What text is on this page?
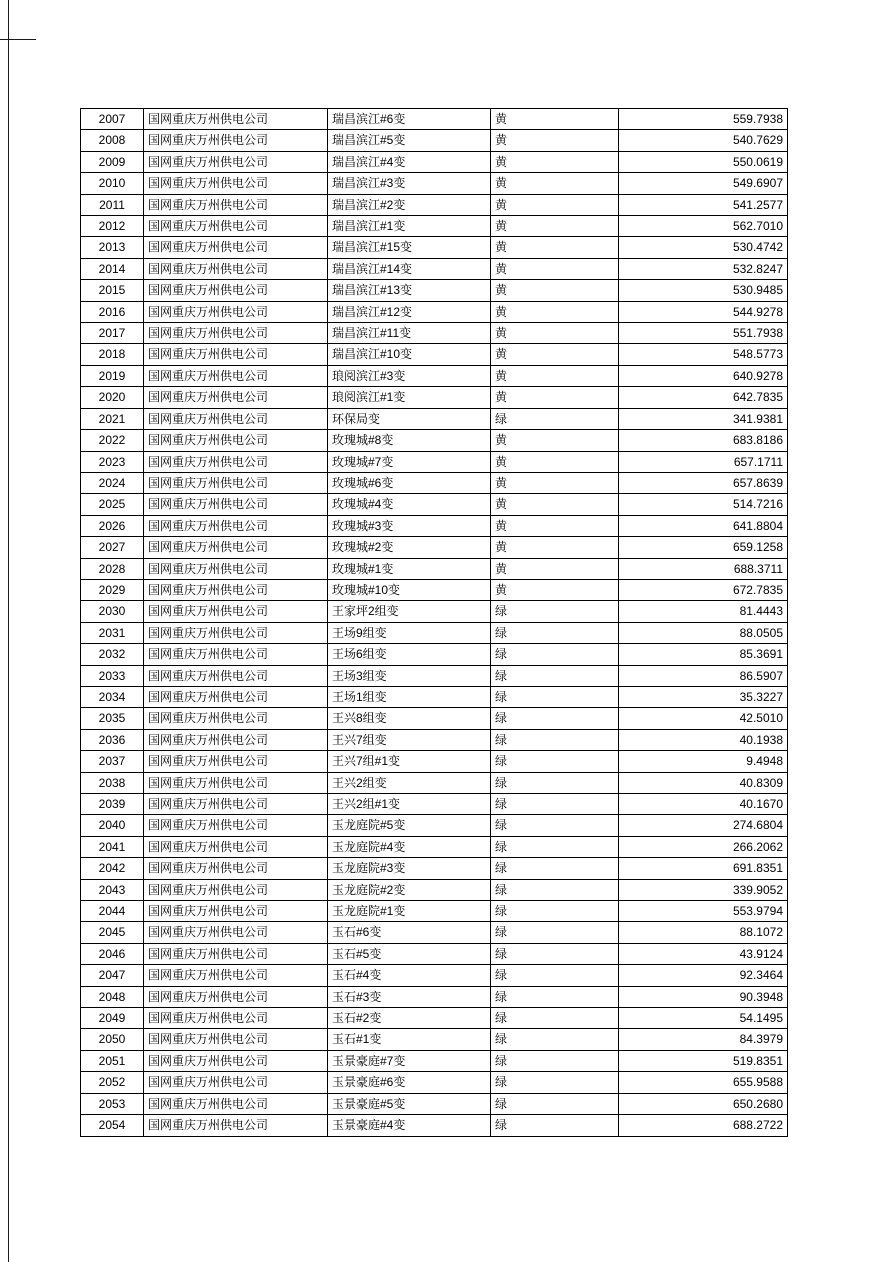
2007	国网重庆万州供电公司	瑞昌滨江#6变	黄	559.7938
2008	国网重庆万州供电公司	瑞昌滨江#5变	黄	540.7629
2009	国网重庆万州供电公司	瑞昌滨江#4变	黄	550.0619
2010	国网重庆万州供电公司	瑞昌滨江#3变	黄	549.6907
2011	国网重庆万州供电公司	瑞昌滨江#2变	黄	541.2577
2012	国网重庆万州供电公司	瑞昌滨江#1变	黄	562.7010
2013	国网重庆万州供电公司	瑞昌滨江#15变	黄	530.4742
2014	国网重庆万州供电公司	瑞昌滨江#14变	黄	532.8247
2015	国网重庆万州供电公司	瑞昌滨江#13变	黄	530.9485
2016	国网重庆万州供电公司	瑞昌滨江#12变	黄	544.9278
2017	国网重庆万州供电公司	瑞昌滨江#11变	黄	551.7938
2018	国网重庆万州供电公司	瑞昌滨江#10变	黄	548.5773
2019	国网重庆万州供电公司	琅阅滨江#3变	黄	640.9278
2020	国网重庆万州供电公司	琅阅滨江#1变	黄	642.7835
2021	国网重庆万州供电公司	环保局变	绿	341.9381
2022	国网重庆万州供电公司	玫瑰城#8变	黄	683.8186
2023	国网重庆万州供电公司	玫瑰城#7变	黄	657.1711
2024	国网重庆万州供电公司	玫瑰城#6变	黄	657.8639
2025	国网重庆万州供电公司	玫瑰城#4变	黄	514.7216
2026	国网重庆万州供电公司	玫瑰城#3变	黄	641.8804
2027	国网重庆万州供电公司	玫瑰城#2变	黄	659.1258
2028	国网重庆万州供电公司	玫瑰城#1变	黄	688.3711
2029	国网重庆万州供电公司	玫瑰城#10变	黄	672.7835
2030	国网重庆万州供电公司	王家坪2组变	绿	81.4443
2031	国网重庆万州供电公司	王场9组变	绿	88.0505
2032	国网重庆万州供电公司	王场6组变	绿	85.3691
2033	国网重庆万州供电公司	王场3组变	绿	86.5907
2034	国网重庆万州供电公司	王场1组变	绿	35.3227
2035	国网重庆万州供电公司	王兴8组变	绿	42.5010
2036	国网重庆万州供电公司	王兴7组变	绿	40.1938
2037	国网重庆万州供电公司	王兴7组#1变	绿	9.4948
2038	国网重庆万州供电公司	王兴2组变	绿	40.8309
2039	国网重庆万州供电公司	王兴2组#1变	绿	40.1670
2040	国网重庆万州供电公司	玉龙庭院#5变	绿	274.6804
2041	国网重庆万州供电公司	玉龙庭院#4变	绿	266.2062
2042	国网重庆万州供电公司	玉龙庭院#3变	绿	691.8351
2043	国网重庆万州供电公司	玉龙庭院#2变	绿	339.9052
2044	国网重庆万州供电公司	玉龙庭院#1变	绿	553.9794
2045	国网重庆万州供电公司	玉石#6变	绿	88.1072
2046	国网重庆万州供电公司	玉石#5变	绿	43.9124
2047	国网重庆万州供电公司	玉石#4变	绿	92.3464
2048	国网重庆万州供电公司	玉石#3变	绿	90.3948
2049	国网重庆万州供电公司	玉石#2变	绿	54.1495
2050	国网重庆万州供电公司	玉石#1变	绿	84.3979
2051	国网重庆万州供电公司	玉景豪庭#7变	绿	519.8351
2052	国网重庆万州供电公司	玉景豪庭#6变	绿	655.9588
2053	国网重庆万州供电公司	玉景豪庭#5变	绿	650.2680
2054	国网重庆万州供电公司	玉景豪庭#4变	绿	688.2722
